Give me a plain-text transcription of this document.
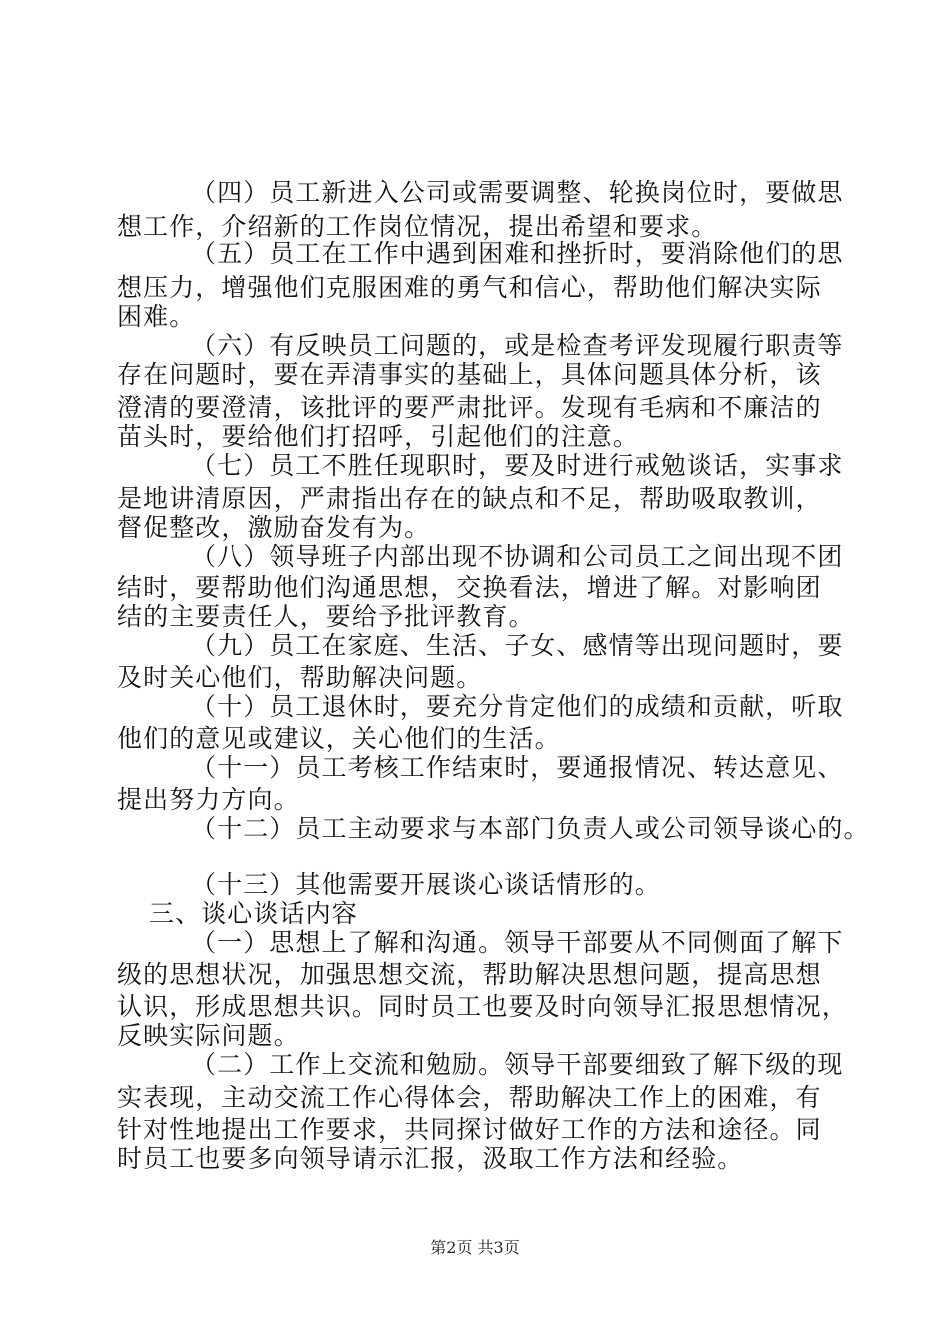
（四）员工新进入公司或需要调整、轮换岗位时，要做思
想工作，介绍新的工作岗位情况，提出希望和要求。
（五）员工在工作中遇到困难和挫折时，要消除他们的思
想压力，增强他们克服困难的勇气和信心，帮助他们解决实际
困难。
（六）有反映员工问题的，或是检查考评发现履行职责等
存在问题时，要在弄清事实的基础上，具体问题具体分析，该
澄清的要澄清，该批评的要严肃批评。发现有毛病和不廉洁的
苗头时，要给他们打招呼，引起他们的注意。
（七）员工不胜任现职时，要及时进行戒勉谈话，实事求
是地讲清原因，严肃指出存在的缺点和不足，帮助吸取教训，
督促整改，激励奋发有为。
（八）领导班子内部出现不协调和公司员工之间出现不团
结时，要帮助他们沟通思想，交换看法，增进了解。对影响团
结的主要责任人，要给予批评教育。
（九）员工在家庭、生活、子女、感情等出现问题时，要
及时关心他们，帮助解决问题。
（十）员工退休时，要充分肯定他们的成绩和贡献，听取
他们的意见或建议，关心他们的生活。
（十一）员工考核工作结束时，要通报情况、转达意见、
提出努力方向。
（十二）员工主动要求与本部门负责人或公司领导谈心的。
（十三）其他需要开展谈心谈话情形的。
三、谈心谈话内容
（一）思想上了解和沟通。领导干部要从不同侧面了解下
级的思想状况，加强思想交流，帮助解决思想问题，提高思想
认识，形成思想共识。同时员工也要及时向领导汇报思想情况，
反映实际问题。
（二）工作上交流和勉励。领导干部要细致了解下级的现
实表现，主动交流工作心得体会，帮助解决工作上的困难，有
针对性地提出工作要求，共同探讨做好工作的方法和途径。同
时员工也要多向领导请示汇报，汲取工作方法和经验。
第2页 共3页
